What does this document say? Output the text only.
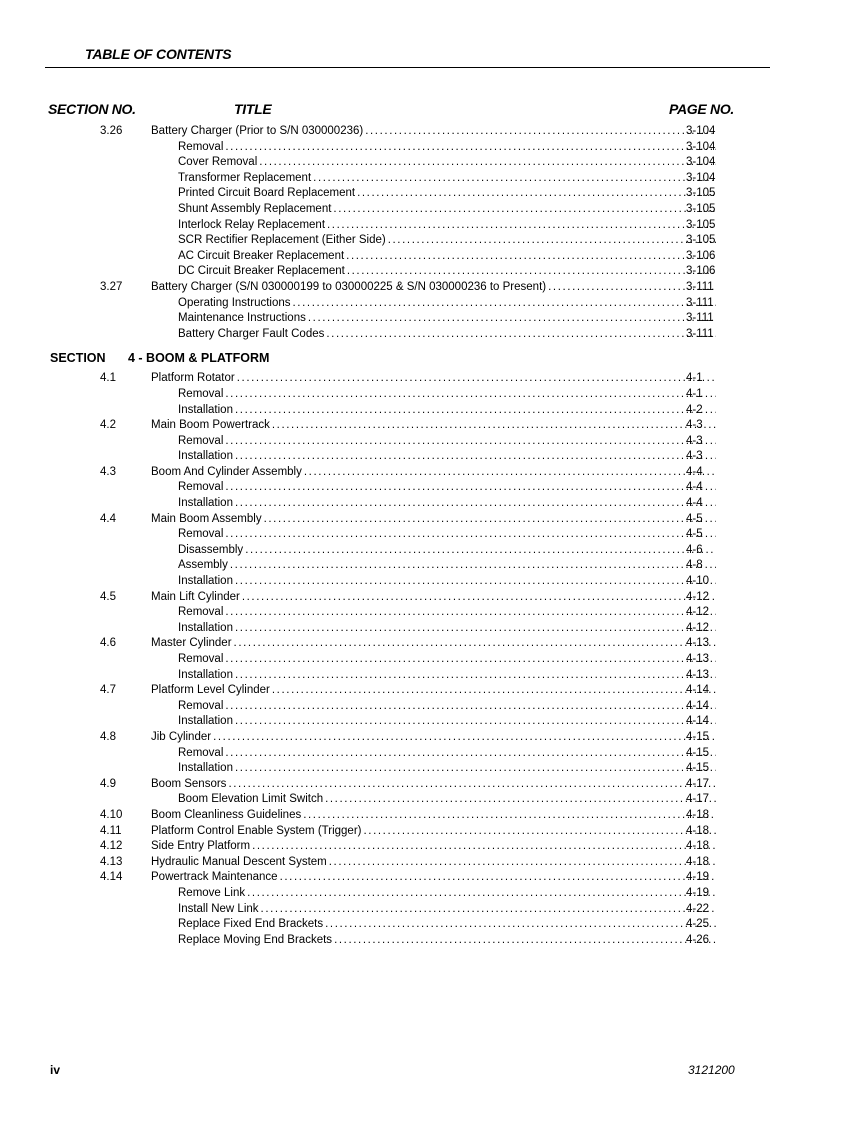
TABLE OF CONTENTS
SECTION NO.	TITLE	PAGE NO.
3.26	Battery Charger (Prior to S/N 030000236) .....	3-104
Removal .....	3-104
Cover Removal .....	3-104
Transformer Replacement .....	3-104
Printed Circuit Board Replacement .....	3-105
Shunt Assembly Replacement .....	3-105
Interlock Relay Replacement .....	3-105
SCR Rectifier Replacement (Either Side) .....	3-105
AC Circuit Breaker Replacement .....	3-106
DC Circuit Breaker Replacement .....	3-106
3.27	Battery Charger (S/N 030000199 to 030000225 & S/N 030000236 to Present) .....	3-111
Operating Instructions .....	3-111
Maintenance Instructions .....	3-111
Battery Charger Fault Codes .....	3-111
SECTION 4 - BOOM & PLATFORM
4.1	Platform Rotator .....	4-1
Removal .....	4-1
Installation .....	4-2
4.2	Main Boom Powertrack .....	4-3
Removal .....	4-3
Installation .....	4-3
4.3	Boom And Cylinder Assembly .....	4-4
Removal .....	4-4
Installation .....	4-4
4.4	Main Boom Assembly .....	4-5
Removal .....	4-5
Disassembly .....	4-6
Assembly .....	4-8
Installation .....	4-10
4.5	Main Lift Cylinder .....	4-12
Removal .....	4-12
Installation .....	4-12
4.6	Master Cylinder .....	4-13
Removal .....	4-13
Installation .....	4-13
4.7	Platform Level Cylinder .....	4-14
Removal .....	4-14
Installation .....	4-14
4.8	Jib Cylinder .....	4-15
Removal .....	4-15
Installation .....	4-15
4.9	Boom Sensors .....	4-17
Boom Elevation Limit Switch .....	4-17
4.10	Boom Cleanliness Guidelines .....	4-18
4.11	Platform Control Enable System (Trigger) .....	4-18
4.12	Side Entry Platform .....	4-18
4.13	Hydraulic Manual Descent System .....	4-18
4.14	Powertrack Maintenance .....	4-19
Remove Link .....	4-19
Install New Link .....	4-22
Replace Fixed End Brackets .....	4-25
Replace Moving End Brackets .....	4-26
iv	3121200
